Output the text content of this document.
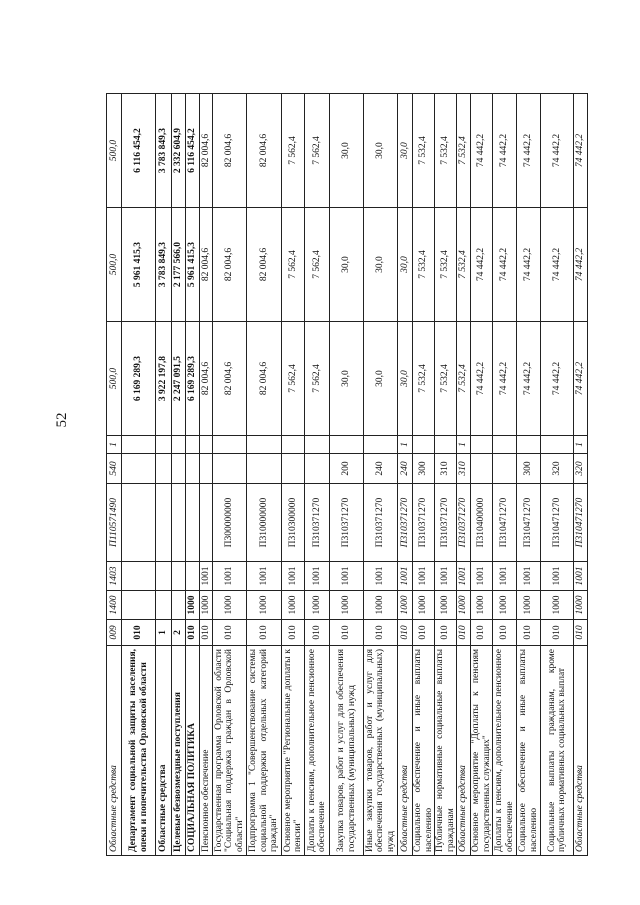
52
Областные средства	009	1400	1403	П110571490	540	1	500,0	500,0	500,0
Департамент социальной защиты населения, опеки и попечительства Орловской области	010						6 169 289,3	5 961 415,3	6 116 454,2
Областные средства	1						3 922 197,8	3 783 849,3	3 783 849,3
Целевые безвозмездные поступления	2						2 247 091,5	2 177 566,0	2 332 604,9
СОЦИАЛЬНАЯ ПОЛИТИКА	010	1000					6 169 289,3	5 961 415,3	6 116 454,2
Пенсионное обеспечение	010	1000	1001				82 004,6	82 004,6	82 004,6
Государственная программа Орловской области "Социальная поддержка граждан в Орловской области"	010	1000	1001	П300000000			82 004,6	82 004,6	82 004,6
Подпрограмма 1 "Совершенствование системы социальной поддержки отдельных категорий граждан"	010	1000	1001	П310000000			82 004,6	82 004,6	82 004,6
Основное мероприятие "Региональные доплаты к пенсии"	010	1000	1001	П310300000			7 562,4	7 562,4	7 562,4
Доплаты к пенсиям, дополнительное пенсионное обеспечение	010	1000	1001	П310371270			7 562,4	7 562,4	7 562,4
Закупка товаров, работ и услуг для обеспечения государственных (муниципальных) нужд	010	1000	1001	П310371270	200		30,0	30,0	30,0
Иные закупки товаров, работ и услуг для обеспечения государственных (муниципальных) нужд	010	1000	1001	П310371270	240		30,0	30,0	30,0
Областные средства	010	1000	1001	П310371270	240	1	30,0	30,0	30,0
Социальное обеспечение и иные выплаты населению	010	1000	1001	П310371270	300		7 532,4	7 532,4	7 532,4
Публичные нормативные социальные выплаты гражданам	010	1000	1001	П310371270	310		7 532,4	7 532,4	7 532,4
Областные средства	010	1000	1001	П310371270	310	1	7 532,4	7 532,4	7 532,4
Основное мероприятие "Доплаты к пенсиям государственных служащих"	010	1000	1001	П310400000			74 442,2	74 442,2	74 442,2
Доплаты к пенсиям, дополнительное пенсионное обеспечение	010	1000	1001	П310471270			74 442,2	74 442,2	74 442,2
Социальное обеспечение и иные выплаты населению	010	1000	1001	П310471270	300		74 442,2	74 442,2	74 442,2
Социальные выплаты гражданам, кроме публичных нормативных социальных выплат	010	1000	1001	П310471270	320		74 442,2	74 442,2	74 442,2
Областные средства	010	1000	1001	П310471270	320	1	74 442,2	74 442,2	74 442,2
